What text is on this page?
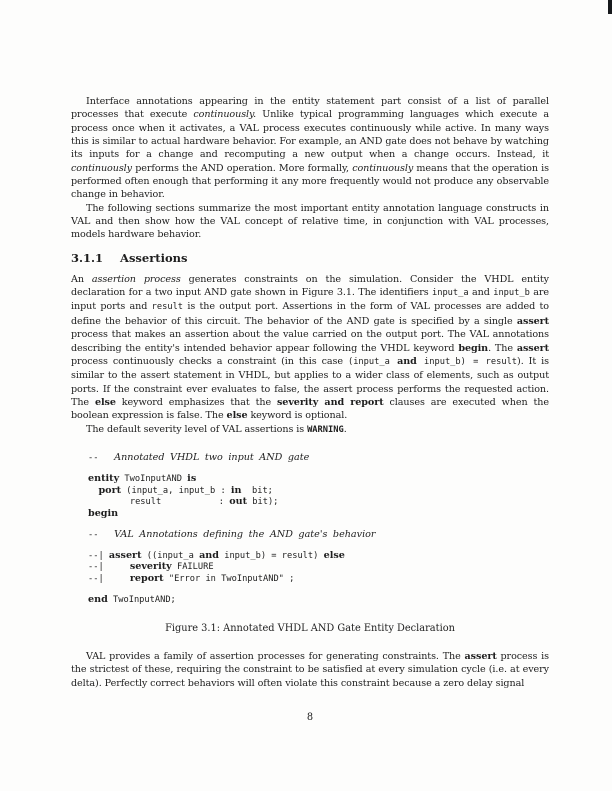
Interface annotations appearing in the entity statement part consist of a list of parallel processes that execute continuously. Unlike typical programming languages which execute a process once when it activates, a VAL process executes continuously while active. In many ways this is similar to actual hardware behavior. For example, an AND gate does not behave by watching its inputs for a change and recomputing a new output when a change occurs. Instead, it continuously performs the AND operation. More formally, continuously means that the operation is performed often enough that performing it any more frequently would not produce any observable change in behavior.

The following sections summarize the most important entity annotation language constructs in VAL and then show how the VAL concept of relative time, in conjunction with VAL processes, models hardware behavior.

3.1.1 Assertions

An assertion process generates constraints on the simulation. Consider the VHDL entity declaration for a two input AND gate shown in Figure 3.1. The identifiers input_a and input_b are input ports and result is the output port. Assertions in the form of VAL processes are added to define the behavior of this circuit. The behavior of the AND gate is specified by a single assert process that makes an assertion about the value carried on the output port. The VAL annotations describing the entity's intended behavior appear following the VHDL keyword begin. The assert process continuously checks a constraint (in this case (input_a and input_b) = result). It is similar to the assert statement in VHDL, but applies to a wider class of elements, such as output ports. If the constraint ever evaluates to false, the assert process performs the requested action. The else keyword emphasizes that the severity and report clauses are executed when the boolean expression is false. The else keyword is optional.

The default severity level of VAL assertions is WARNING.

--   Annotated VHDL two input AND gate
entity TwoInputAND is
port (input_a, input_b : in  bit;
result           : out bit);
begin
--   VAL Annotations defining the AND gate's behavior
--| assert ((input_a and input_b) = result) else
--|     severity FAILURE
--|     report "Error in TwoInputAND" ;
end TwoInputAND;
Figure 3.1: Annotated VHDL AND Gate Entity Declaration

VAL provides a family of assertion processes for generating constraints. The assert process is the strictest of these, requiring the constraint to be satisfied at every simulation cycle (i.e. at every delta). Perfectly correct behaviors will often violate this constraint because a zero delay signal

8
